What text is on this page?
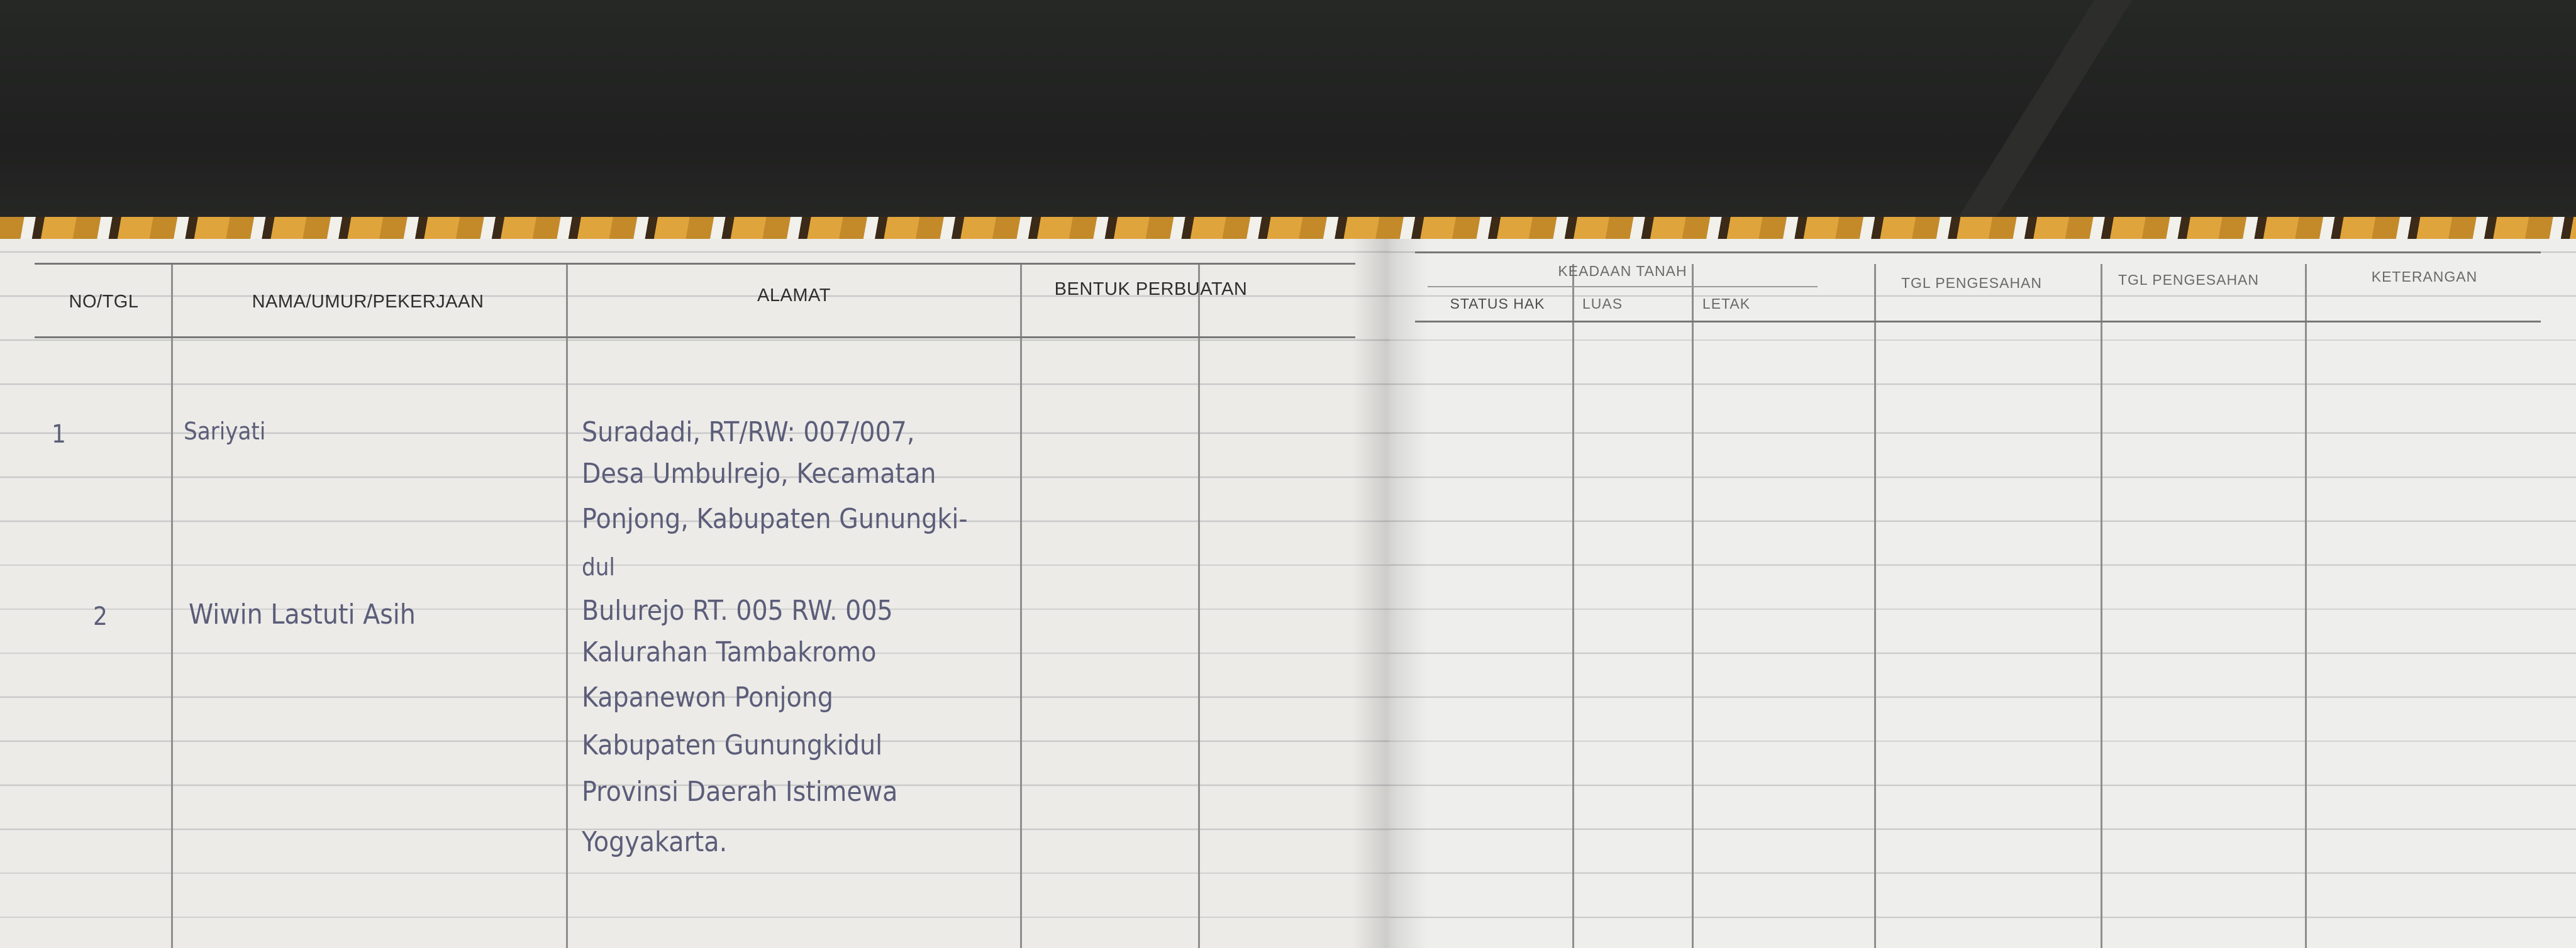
NO/TGL	NAMA/UMUR/PEKERJAAN	ALAMAT	BENTUK PERBUATAN
KEADAAN TANAH
STATUS HAK	LUAS	LETAK
TGL PENGESAHAN	TGL PENGESAHAN	KETERANGAN
1	Sariyati	Suradadi, RT/RW: 007/007,
Desa Umbulrejo, Kecamatan
Ponjong, Kabupaten Gunungki-
dul
2	Wiwin Lastuti Asih	Bulurejo RT. 005 RW. 005
Kalurahan Tambakromo
Kapanewon Ponjong
Kabupaten Gunungkidul
Provinsi Daerah Istimewa
Yogyakarta.
